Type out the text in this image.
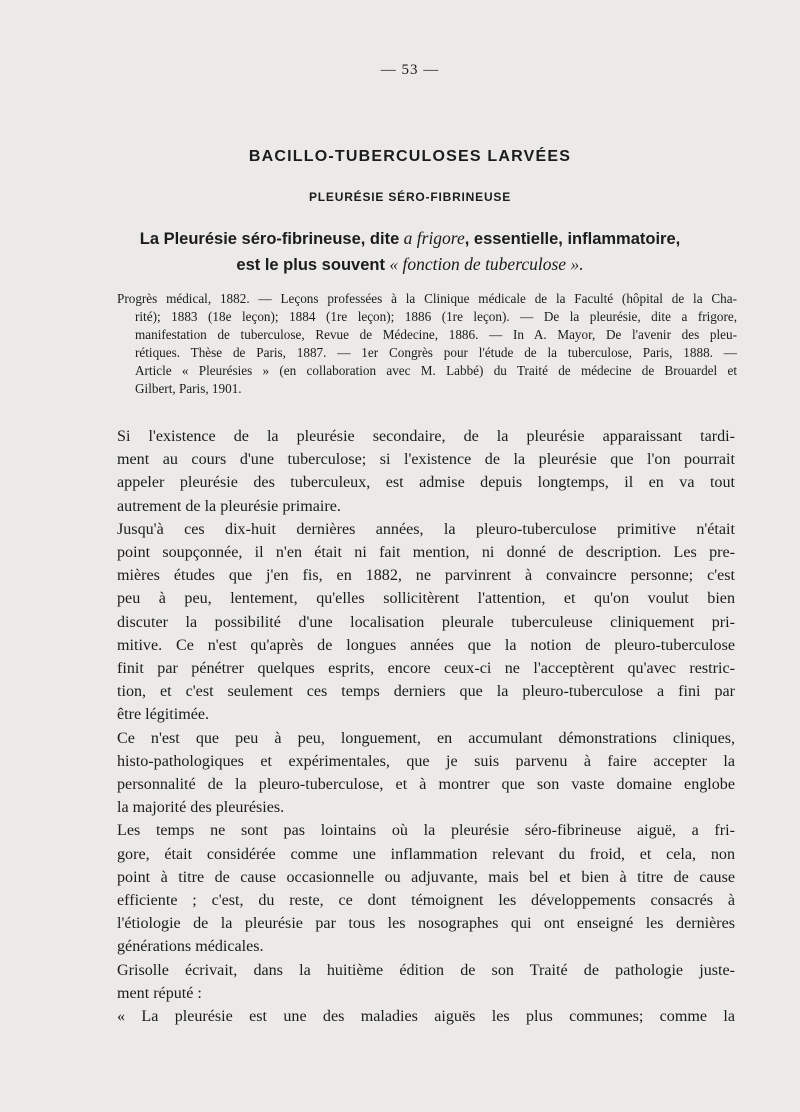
— 53 —
BACILLO-TUBERCULOSES LARVÉES
PLEURÉSIE SÉRO-FIBRINEUSE
La Pleurésie séro-fibrineuse, dite a frigore, essentielle, inflammatoire,
est le plus souvent « fonction de tuberculose ».
Progrès médical, 1882. — Leçons professées à la Clinique médicale de la Faculté (hôpital de la Cha-
rité); 1883 (18e leçon); 1884 (1re leçon); 1886 (1re leçon). — De la pleurésie, dite a frigore,
manifestation de tuberculose, Revue de Médecine, 1886. — In A. Mayor, De l'avenir des pleu-
rétiques. Thèse de Paris, 1887. — 1er Congrès pour l'étude de la tuberculose, Paris, 1888. —
Article « Pleurésies » (en collaboration avec M. Labbé) du Traité de médecine de Brouardel et
Gilbert, Paris, 1901.
Si l'existence de la pleurésie secondaire, de la pleurésie apparaissant tardi-
ment au cours d'une tuberculose; si l'existence de la pleurésie que l'on pourrait
appeler pleurésie des tuberculeux, est admise depuis longtemps, il en va tout
autrement de la pleurésie primaire.
Jusqu'à ces dix-huit dernières années, la pleuro-tuberculose primitive n'était
point soupçonnée, il n'en était ni fait mention, ni donné de description. Les pre-
mières études que j'en fis, en 1882, ne parvinrent à convaincre personne; c'est
peu à peu, lentement, qu'elles sollicitèrent l'attention, et qu'on voulut bien
discuter la possibilité d'une localisation pleurale tuberculeuse cliniquement pri-
mitive. Ce n'est qu'après de longues années que la notion de pleuro-tuberculose
finit par pénétrer quelques esprits, encore ceux-ci ne l'acceptèrent qu'avec restric-
tion, et c'est seulement ces temps derniers que la pleuro-tuberculose a fini par
être légitimée.
Ce n'est que peu à peu, longuement, en accumulant démonstrations cliniques,
histo-pathologiques et expérimentales, que je suis parvenu à faire accepter la
personnalité de la pleuro-tuberculose, et à montrer que son vaste domaine englobe
la majorité des pleurésies.
Les temps ne sont pas lointains où la pleurésie séro-fibrineuse aiguë, a fri-
gore, était considérée comme une inflammation relevant du froid, et cela, non
point à titre de cause occasionnelle ou adjuvante, mais bel et bien à titre de cause
efficiente ; c'est, du reste, ce dont témoignent les développements consacrés à
l'étiologie de la pleurésie par tous les nosographes qui ont enseigné les dernières
générations médicales.
Grisolle écrivait, dans la huitième édition de son Traité de pathologie juste-
ment réputé :
« La pleurésie est une des maladies aiguës les plus communes; comme la
